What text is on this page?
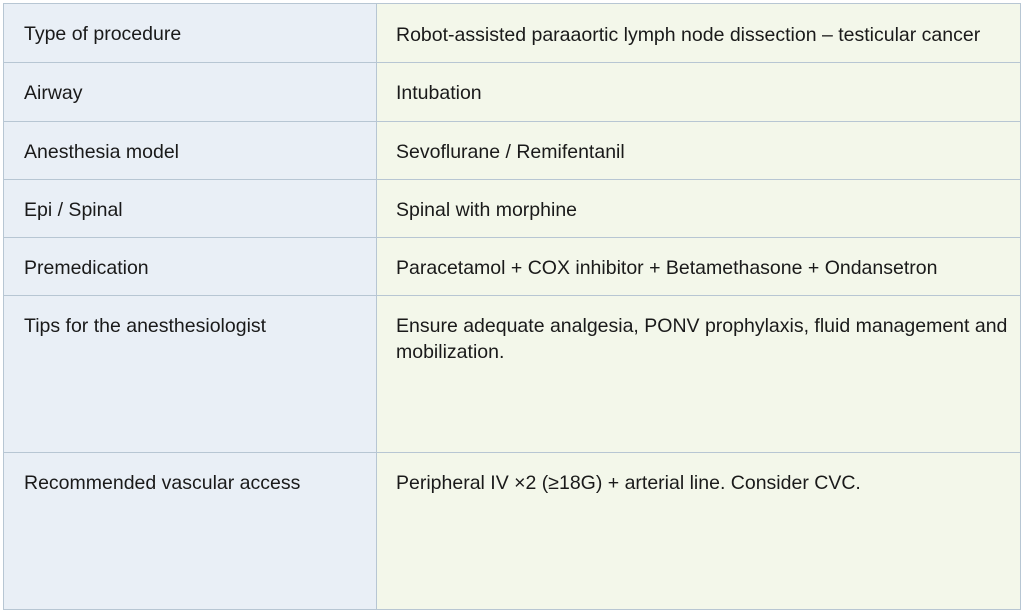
Type of procedure	Robot-assisted paraaortic lymph node dissection – testicular cancer

Airway	Intubation

Anesthesia model	Sevoflurane / Remifentanil

Epi / Spinal	Spinal with morphine

Premedication	Paracetamol + COX inhibitor + Betamethasone + Ondansetron

Tips for the anesthesiologist	Ensure adequate analgesia, PONV prophylaxis, fluid management and mobilization.

Recommended vascular access	Peripheral IV ×2 (≥18G) + arterial line. Consider CVC.
